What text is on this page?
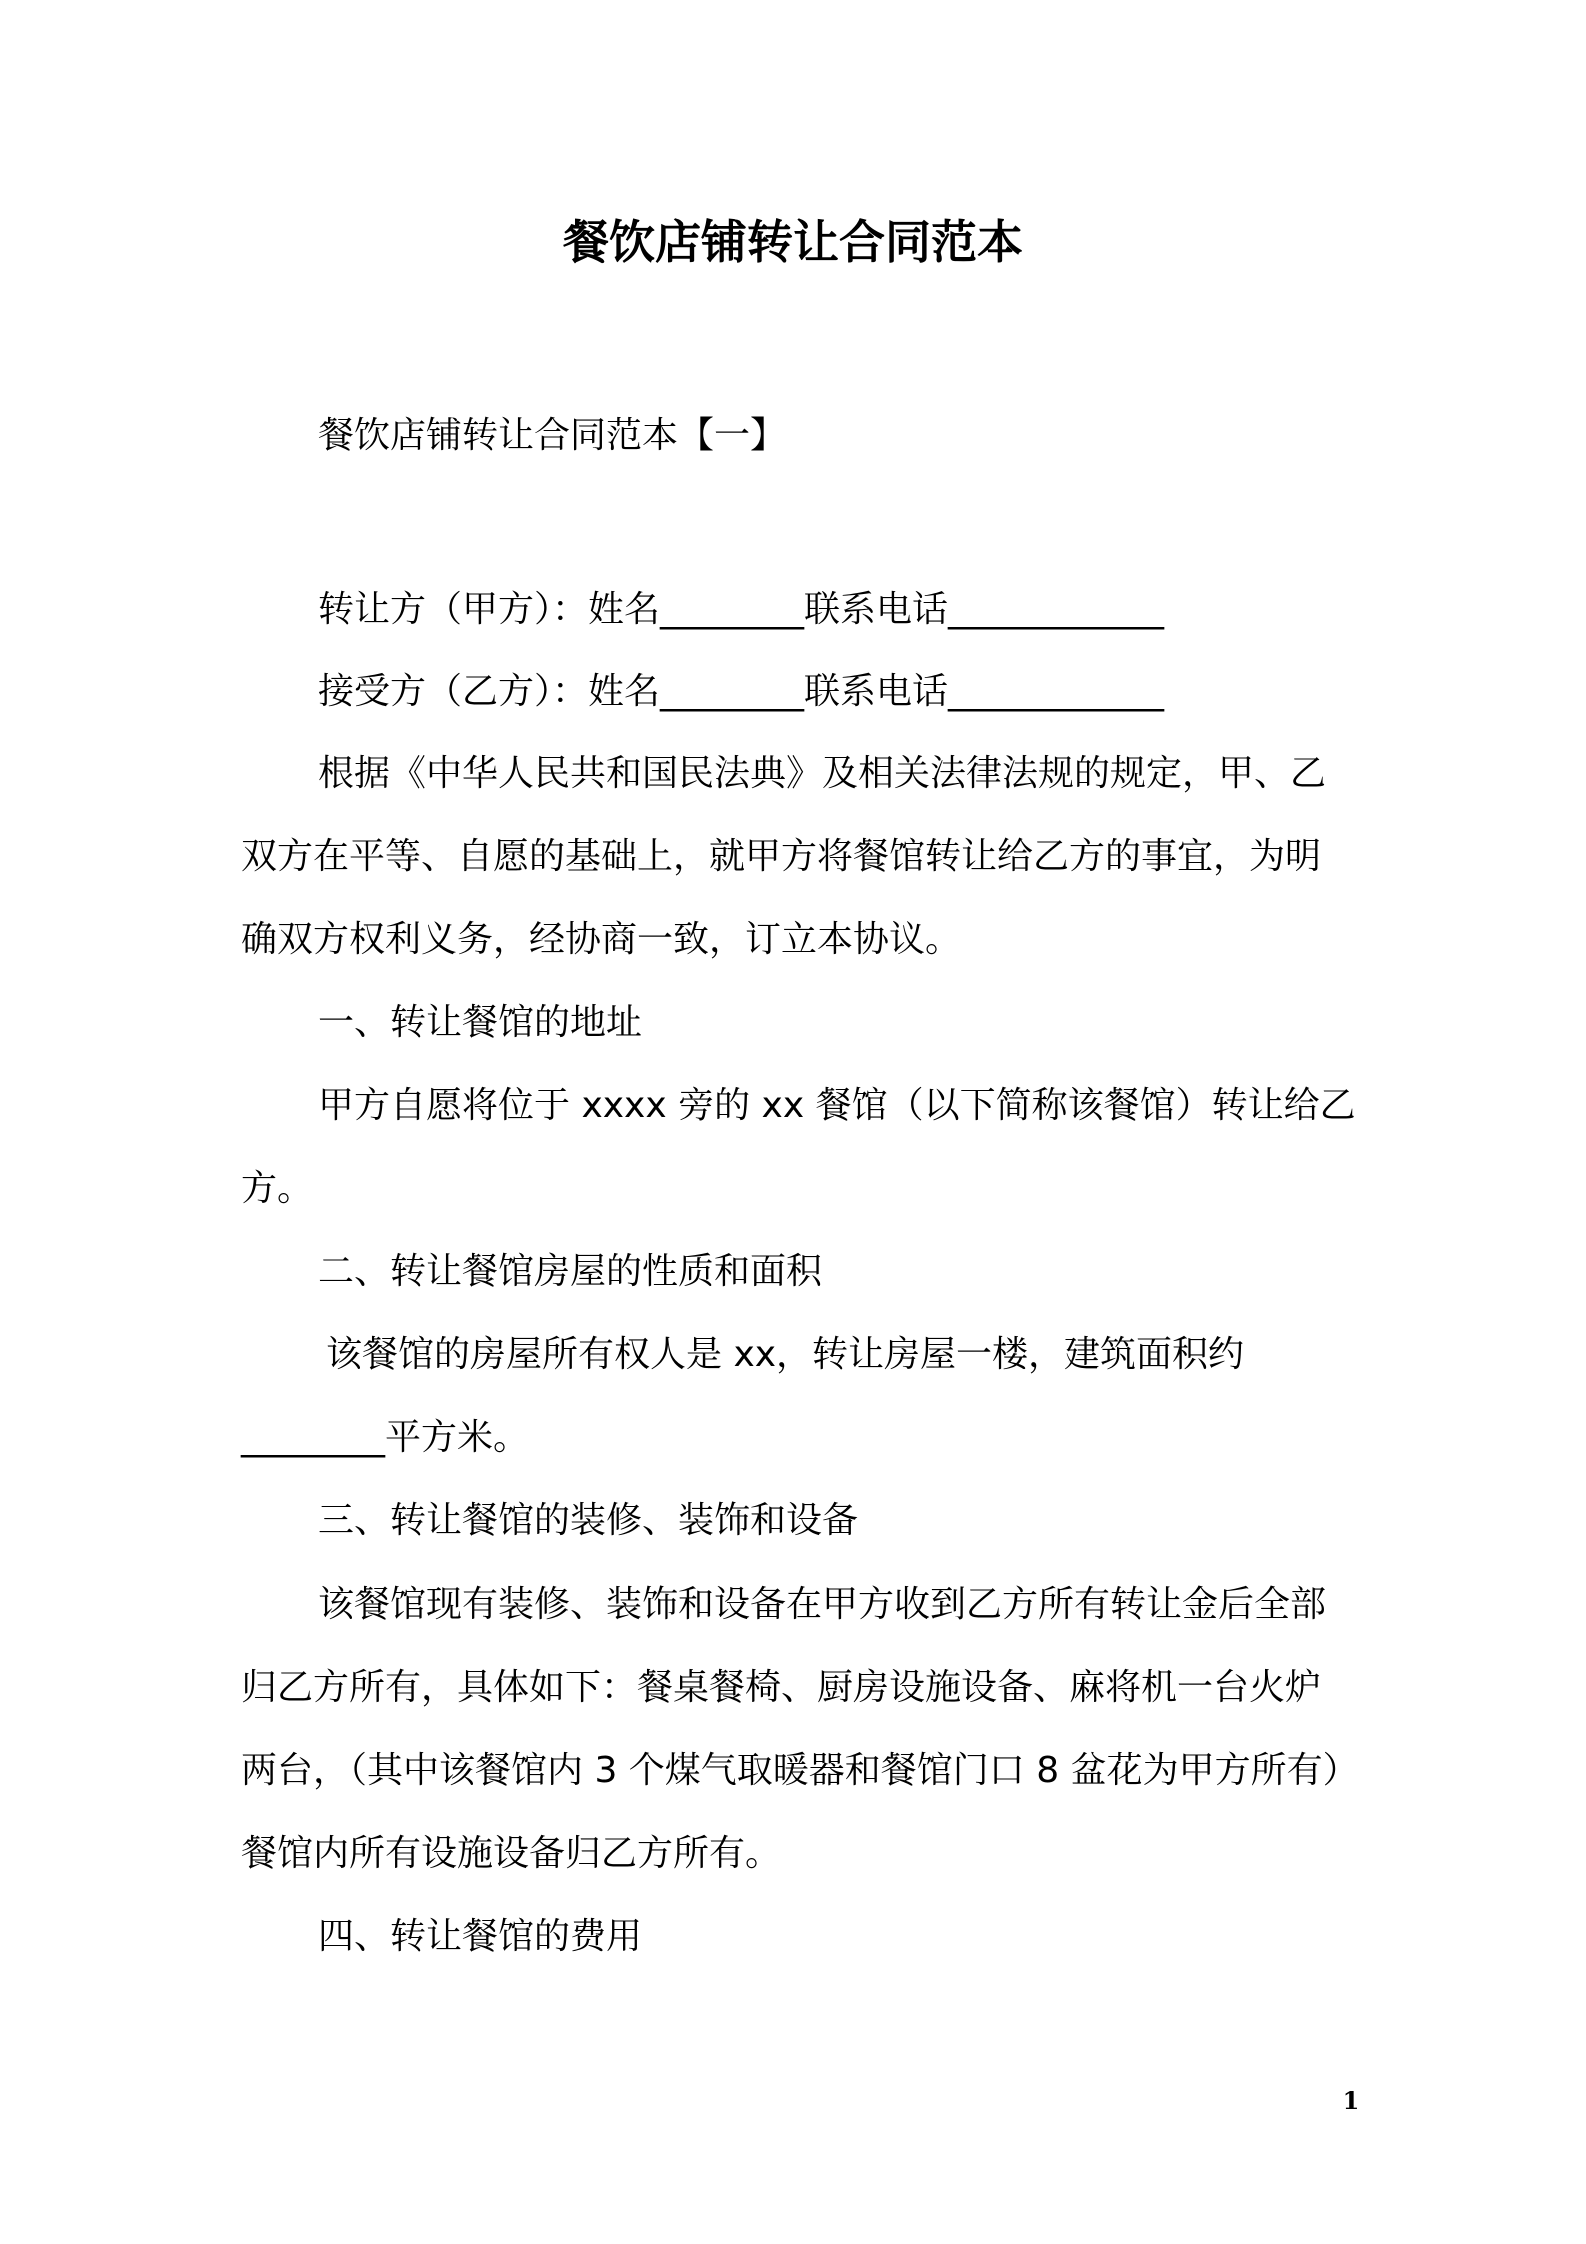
餐饮店铺转让合同范本
餐饮店铺转让合同范本【一】
转让方（甲方）：姓名________联系电话____________
接受方（乙方）：姓名________联系电话____________
根据《中华人民共和国民法典》及相关法律法规的规定，甲、乙
双方在平等、自愿的基础上，就甲方将餐馆转让给乙方的事宜，为明
确双方权利义务，经协商一致，订立本协议。
一、转让餐馆的地址
甲方自愿将位于 xxxx 旁的 xx 餐馆（以下简称该餐馆）转让给乙
方。
二、转让餐馆房屋的性质和面积
该餐馆的房屋所有权人是 xx，转让房屋一楼，建筑面积约
________平方米。
三、转让餐馆的装修、装饰和设备
该餐馆现有装修、装饰和设备在甲方收到乙方所有转让金后全部
归乙方所有，具体如下：餐桌餐椅、厨房设施设备、麻将机一台火炉
两台，（其中该餐馆内 3 个煤气取暖器和餐馆门口 8 盆花为甲方所有）
餐馆内所有设施设备归乙方所有。
四、转让餐馆的费用
1
